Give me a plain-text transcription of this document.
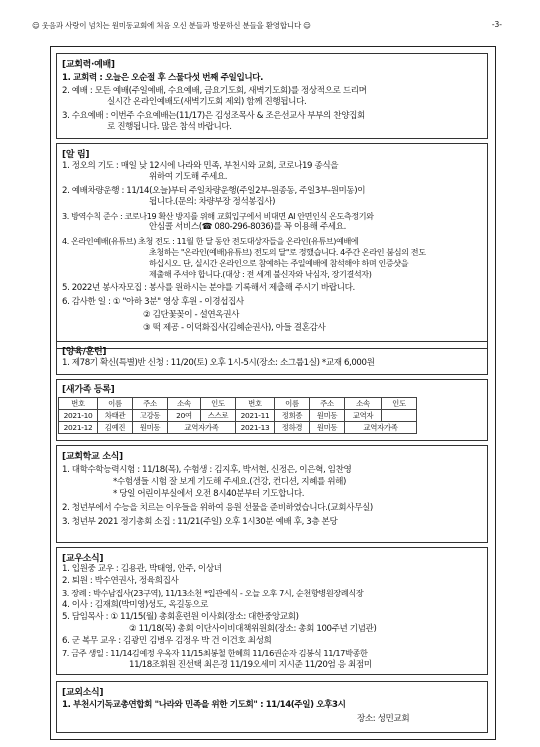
☺ 웃음과 사랑이 넘치는 원미동교회에 처음 오신 분들과 방문하신 분들을 환영합니다 ☺	-3-
[교회력·예배]
1. 교회력 : 오늘은 오순절 후 스물다섯 번째 주일입니다.
2. 예배 : 모든 예배(주일예배, 수요예배, 금요기도회, 새벽기도회)를 정상적으로 드리며
실시간 온라인예배도(새벽기도회 제외) 함께 진행됩니다.
3. 수요예배 : 이번주 수요예배는(11/17)은 김성조목사 & 조은선교사 부부의 찬양집회
로 진행됩니다. 많은 참석 바랍니다.
[알 림]
1. 정오의 기도 : 매일 낮 12시에 나라와 민족, 부천시와 교회, 코로나19 종식을
위하여 기도해 주세요.
2. 예배차량운행 : 11/14(오늘)부터 주일차량운행(주일2부-원종동, 주일3부-원미동)이
됩니다.(문의: 차량부장 정석봉집사)
3. 방역수칙 준수 : 코로나19 확산 방지를 위해 교회입구에서 비대면 AI 안면인식 온도측정기와
안심콜 서비스(☎ 080-296-8036)를 꼭 이용해 주세요.
4. 온라인예배(유튜브) 초청 전도 : 11월 한 달 동안 전도대상자들을 온라인(유튜브)예배에
초청하는 "온라인(예배)유튜브) 전도의 달"로 정했습니다. 4주간 온라인 붐심의 전도
하십시오. 단, 실시간 온라인으로 참예하는 주일예배에 참석해야 하며 인증샷을
제출해 주셔야 합니다.(대상 : 전 세계 불신자와 낙심자, 장기결석자)
5. 2022년 봉사자모집 : 봉사를 원하시는 분야를 기록해서 제출해 주시기 바랍니다.
6. 감사한 일 : ① "아하 3분" 영상 후원 - 이경섭집사
② 김단꽃꽂이 - 설연옥권사
③ 떡 제공 - 이덕화집사(김혜순권사), 아들 결혼감사
[양육/훈련]
1. 제78기 확신(특별)반 신청 : 11/20(토) 오후 1시-5시(장소: 소그룹1실) *교재 6,000원
[새가족 등록]
번호	이름	주소	소속	인도	번호	이름	주소	소속	인도
2021-10	차태관	고강동	20여	스스로	2021-11	정희종	원미동	교역자	
2021-12	김예진	원미동	교역자가족		2021-13	정하경	원미동	교역자가족	
[교회학교 소식]
1. 대학수학능력시험 : 11/18(목), 수험생 : 김지후, 박서현, 신정은, 이은혁, 임찬영
*수험생들 시험 잘 보게 기도해 주세요.(건강, 컨디션, 지혜를 위해)
* 당일 어린이부실에서 오전 8시40분부터 기도합니다.
2. 청년부에서 수능을 치르는 이우들을 위하여 응원 선물을 준비하였습니다.(교회사무실)
3. 청년부 2021 정기총회 소집 : 11/21(주일) 오후 1시30분 예배 후, 3층 본당
[교우소식]
1. 입원중 교우 : 김용관, 박태영, 안주, 이상녀
2. 퇴원 : 박수연권사, 정육희집사
3. 장례 : 박수남집사(23구역), 11/13소천 *입관예식 - 오늘 오후 7시, 순천향병원장례식장
4. 이사 : 김재희(박미영)성도, 옥길동으로
5. 담임목사 : ① 11/15(월) 총회훈련원 이사회(장소: 대한중앙교회)
② 11/18(목) 총회 이단사이비대책위원회(장소: 총회 100주년 기념관)
6. 군 복무 교우 : 김광민 김병우 김정우 박 건 이건호 최성희
7. 금주 생일 : 11/14김예정 우옥자 11/15최봉철 한혜희 11/16권순자 김봉식 11/17박종한
11/18조휘원 진선택 최은경 11/19오세미 지시준 11/20엄 응 최점미
[교외소식]
1. 부천시기독교총연합회 "나라와 민족을 위한 기도회" : 11/14(주일) 오후3시
장소: 성민교회
